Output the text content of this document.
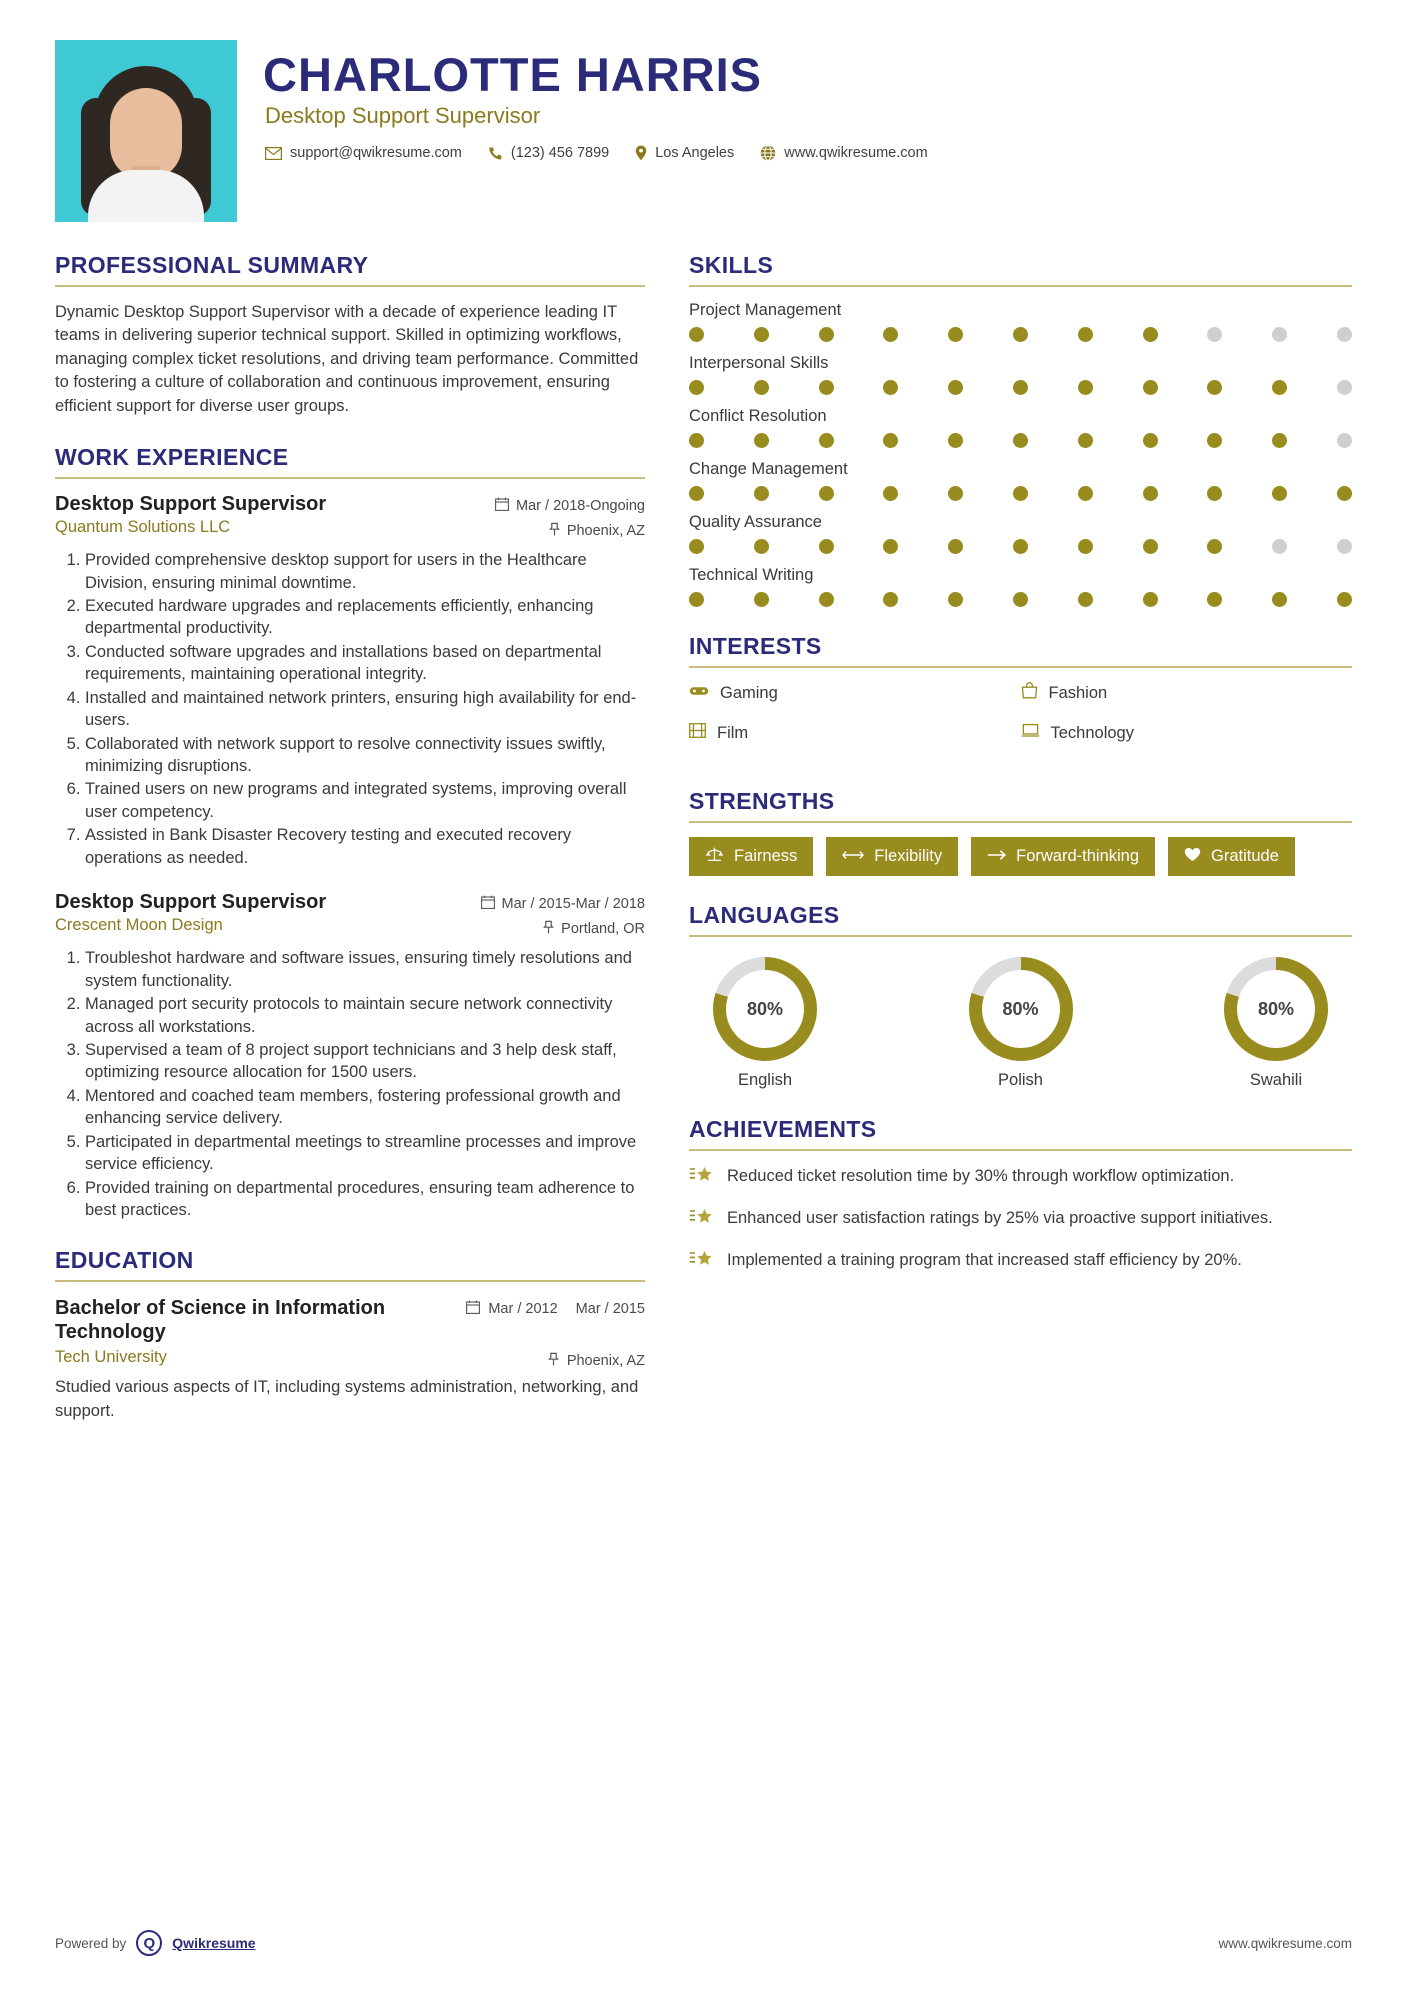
CHARLOTTE HARRIS
Desktop Support Supervisor
support@qwikresume.com	(123) 456 7899	Los Angeles	www.qwikresume.com
PROFESSIONAL SUMMARY
Dynamic Desktop Support Supervisor with a decade of experience leading IT teams in delivering superior technical support. Skilled in optimizing workflows, managing complex ticket resolutions, and driving team performance. Committed to fostering a culture of collaboration and continuous improvement, ensuring efficient support for diverse user groups.
WORK EXPERIENCE
Desktop Support Supervisor	Mar / 2018-Ongoing
Quantum Solutions LLC	Phoenix, AZ
1. Provided comprehensive desktop support for users in the Healthcare Division, ensuring minimal downtime.
2. Executed hardware upgrades and replacements efficiently, enhancing departmental productivity.
3. Conducted software upgrades and installations based on departmental requirements, maintaining operational integrity.
4. Installed and maintained network printers, ensuring high availability for end-users.
5. Collaborated with network support to resolve connectivity issues swiftly, minimizing disruptions.
6. Trained users on new programs and integrated systems, improving overall user competency.
7. Assisted in Bank Disaster Recovery testing and executed recovery operations as needed.
Desktop Support Supervisor	Mar / 2015-Mar / 2018
Crescent Moon Design	Portland, OR
1. Troubleshot hardware and software issues, ensuring timely resolutions and system functionality.
2. Managed port security protocols to maintain secure network connectivity across all workstations.
3. Supervised a team of 8 project support technicians and 3 help desk staff, optimizing resource allocation for 1500 users.
4. Mentored and coached team members, fostering professional growth and enhancing service delivery.
5. Participated in departmental meetings to streamline processes and improve service efficiency.
6. Provided training on departmental procedures, ensuring team adherence to best practices.
EDUCATION
Bachelor of Science in Information Technology
Mar / 2012 Mar / 2015
Tech University	Phoenix, AZ
Studied various aspects of IT, including systems administration, networking, and support.
SKILLS
Project Management
Interpersonal Skills
Conflict Resolution
Change Management
Quality Assurance
Technical Writing
INTERESTS
Gaming	Fashion
Film	Technology
STRENGTHS
Fairness	Flexibility	Forward-thinking	Gratitude
LANGUAGES
80%
English
80%
Polish
80%
Swahili
ACHIEVEMENTS
Reduced ticket resolution time by 30% through workflow optimization.
Enhanced user satisfaction ratings by 25% via proactive support initiatives.
Implemented a training program that increased staff efficiency by 20%.
Powered by	Q	Qwikresume	www.qwikresume.com
